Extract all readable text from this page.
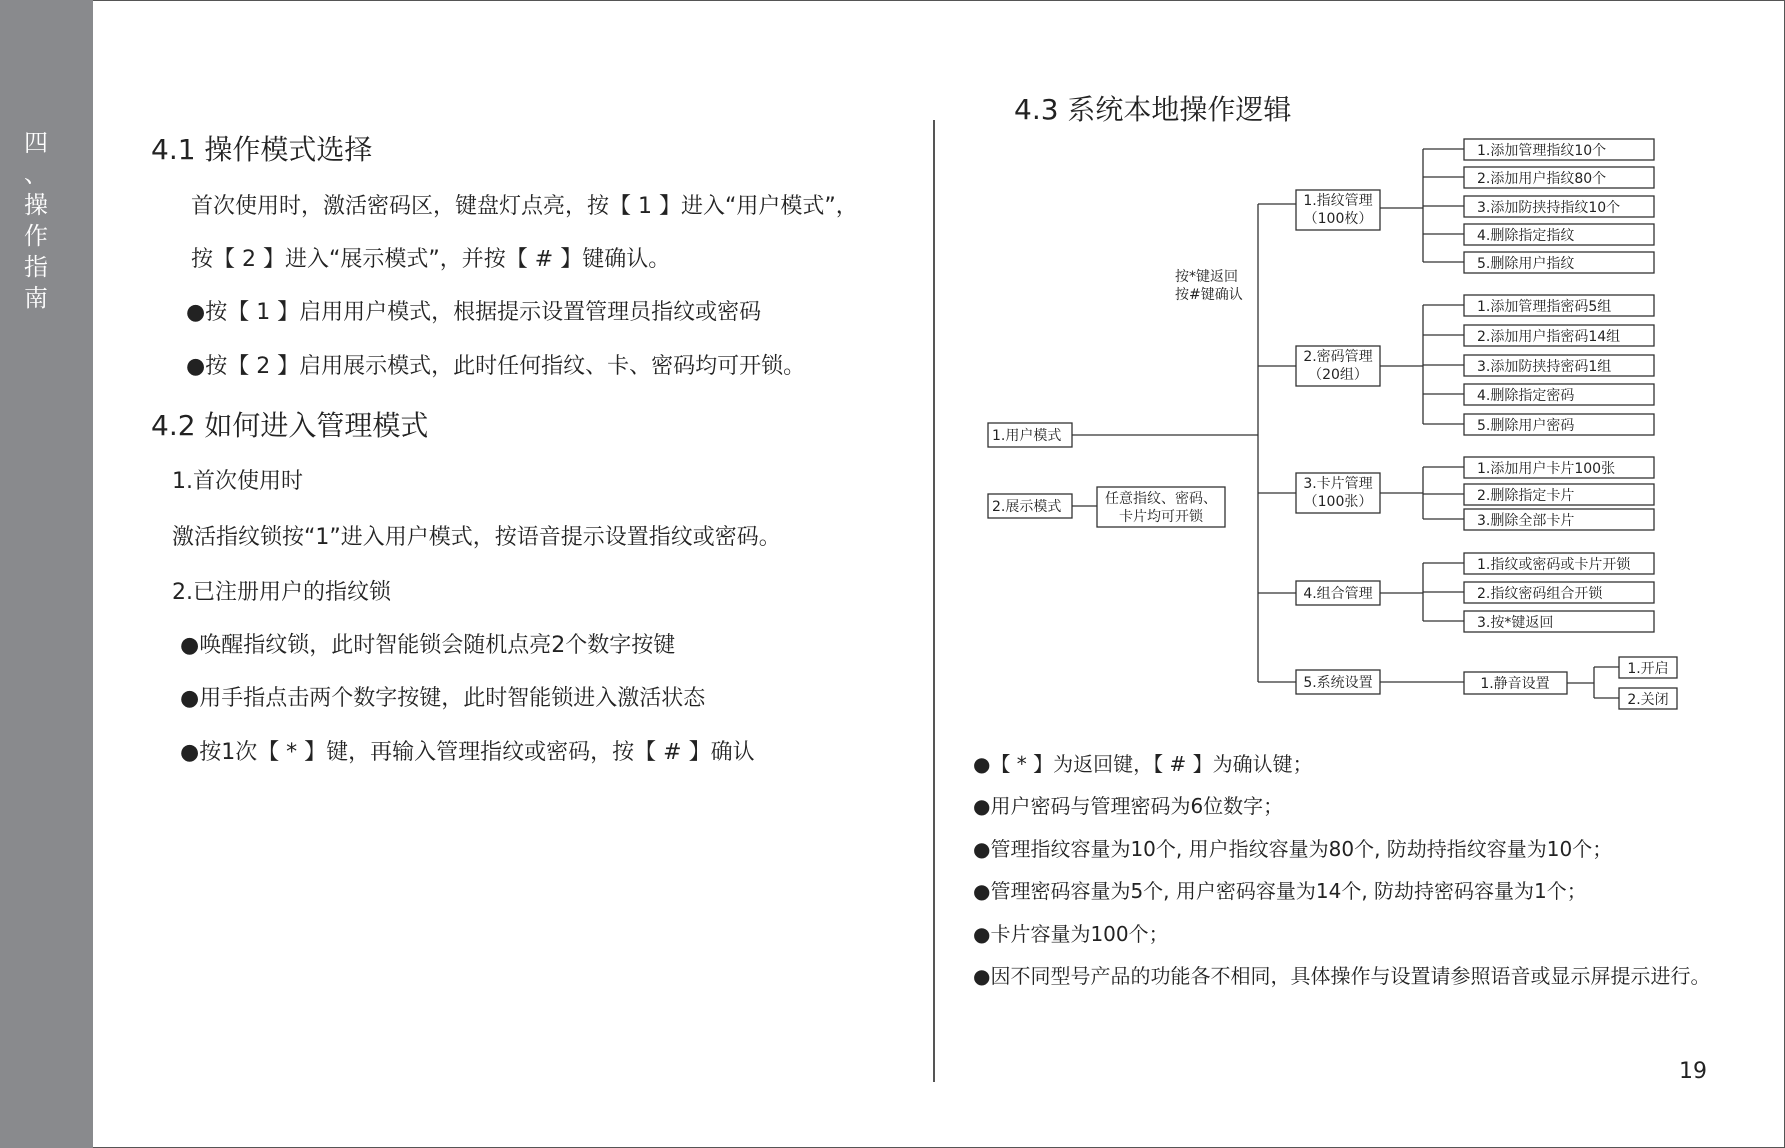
四
、
操
作
指
南
4.1 操作模式选择
首次使用时，激活密码区，键盘灯点亮，按【 1 】进入“用户模式”，
按【 2 】进入“展示模式”，并按【 # 】键确认。
●按【 1 】启用用户模式，根据提示设置管理员指纹或密码
●按【 2 】启用展示模式，此时任何指纹、卡、密码均可开锁。
4.2 如何进入管理模式
1.首次使用时
激活指纹锁按“1”进入用户模式，按语音提示设置指纹或密码。
2.已注册用户的指纹锁
●唤醒指纹锁，此时智能锁会随机点亮2个数字按键
●用手指点击两个数字按键，此时智能锁进入激活状态
●按1次【 * 】键，再输入管理指纹或密码，按【 # 】确认
4.3 系统本地操作逻辑
按*键返回
按#键确认
1.用户模式
2.展示模式	任意指纹、密码、
卡片均可开锁
1.指纹管理
（100枚）
2.密码管理
（20组）
3.卡片管理
（100张）
4.组合管理
5.系统设置
1.添加管理指纹10个
2.添加用户指纹80个
3.添加防挟持指纹10个
4.删除指定指纹
5.删除用户指纹
1.添加管理指密码5组
2.添加用户指密码14组
3.添加防挟持密码1组
4.删除指定密码
5.删除用户密码
1.添加用户卡片100张
2.删除指定卡片
3.删除全部卡片
1.指纹或密码或卡片开锁
2.指纹密码组合开锁
3.按*键返回
1.静音设置
1.开启
2.关闭
●【 * 】为返回键，【 # 】为确认键；
●用户密码与管理密码为6位数字；
●管理指纹容量为10个, 用户指纹容量为80个, 防劫持指纹容量为10个；
●管理密码容量为5个, 用户密码容量为14个, 防劫持密码容量为1个；
●卡片容量为100个；
●因不同型号产品的功能各不相同，具体操作与设置请参照语音或显示屏提示进行。
19
